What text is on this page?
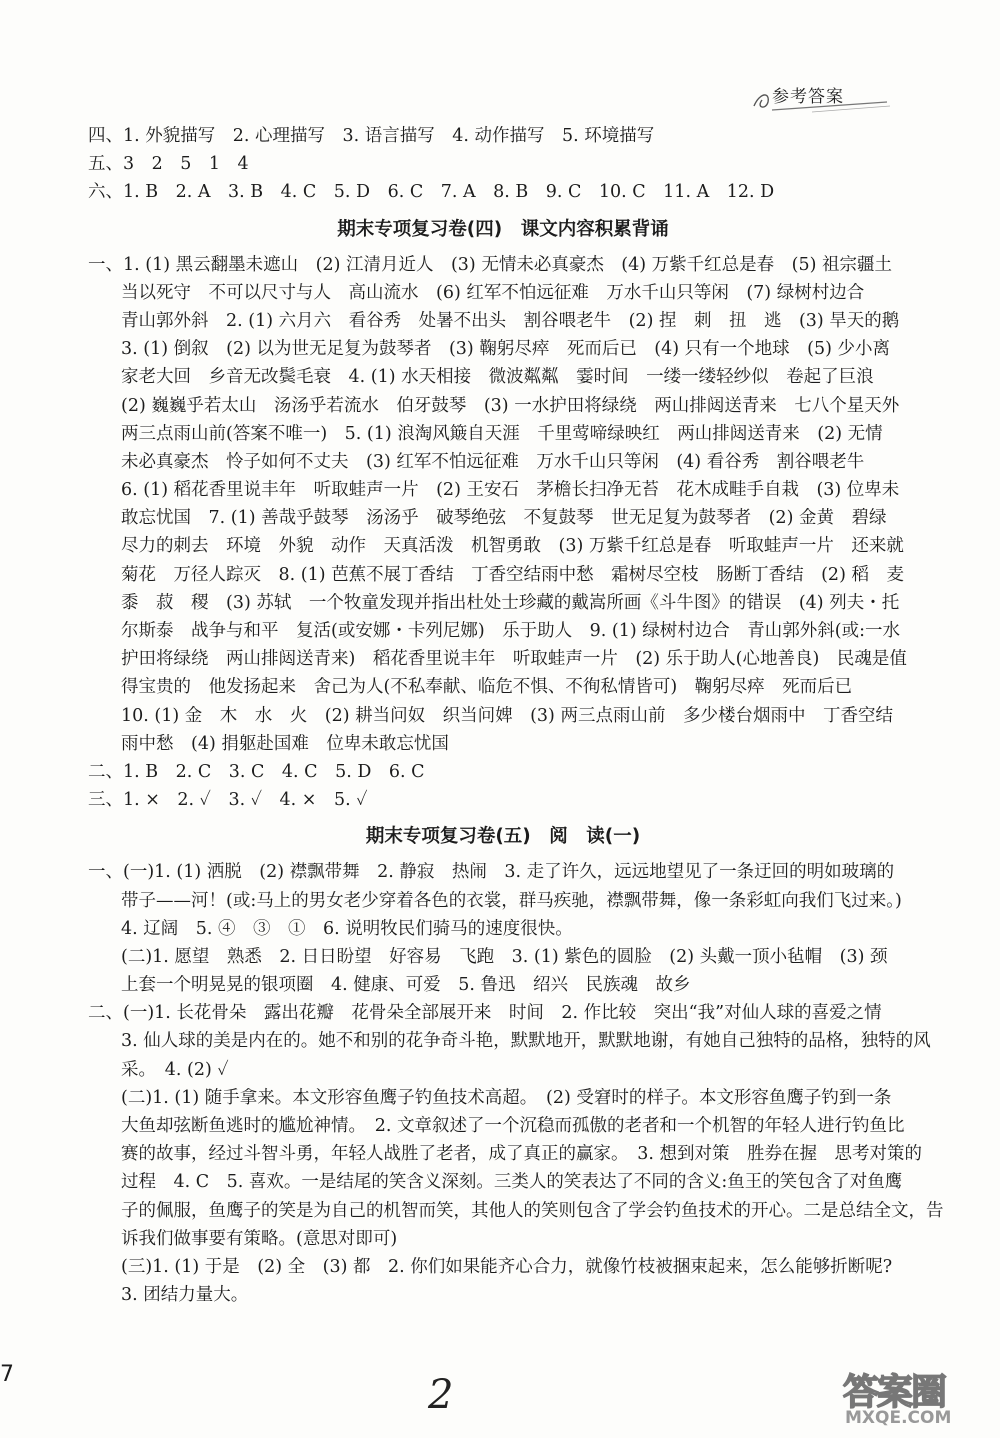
参考答案
四、1. 外貌描写　2. 心理描写　3. 语言描写　4. 动作描写　5. 环境描写
五、3　2　5　1　4
六、1. B　2. A　3. B　4. C　5. D　6. C　7. A　8. B　9. C　10. C　11. A　12. D
期末专项复习卷(四)　课文内容积累背诵
一、1. (1) 黑云翻墨未遮山　(2) 江清月近人　(3) 无情未必真豪杰　(4) 万紫千红总是春　(5) 祖宗疆土
当以死守　不可以尺寸与人　高山流水　(6) 红军不怕远征难　万水千山只等闲　(7) 绿树村边合
青山郭外斜　2. (1) 六月六　看谷秀　处暑不出头　割谷喂老牛　(2) 捏　刺　扭　逃　(3) 旱天的鹅
3. (1) 倒叙　(2) 以为世无足复为鼓琴者　(3) 鞠躬尽瘁　死而后已　(4) 只有一个地球　(5) 少小离
家老大回　乡音无改鬓毛衰　4. (1) 水天相接　微波粼粼　霎时间　一缕一缕轻纱似　卷起了巨浪
(2) 巍巍乎若太山　汤汤乎若流水　伯牙鼓琴　(3) 一水护田将绿绕　两山排闼送青来　七八个星天外
两三点雨山前(答案不唯一)　5. (1) 浪淘风簸自天涯　千里莺啼绿映红　两山排闼送青来　(2) 无情
未必真豪杰　怜子如何不丈夫　(3) 红军不怕远征难　万水千山只等闲　(4) 看谷秀　割谷喂老牛
6. (1) 稻花香里说丰年　听取蛙声一片　(2) 王安石　茅檐长扫净无苔　花木成畦手自栽　(3) 位卑未
敢忘忧国　7. (1) 善哉乎鼓琴　汤汤乎　破琴绝弦　不复鼓琴　世无足复为鼓琴者　(2) 金黄　碧绿
尽力的刺去　环境　外貌　动作　天真活泼　机智勇敢　(3) 万紫千红总是春　听取蛙声一片　还来就
菊花　万径人踪灭　8. (1) 芭蕉不展丁香结　丁香空结雨中愁　霜树尽空枝　肠断丁香结　(2) 稻　麦
黍　菽　稷　(3) 苏轼　一个牧童发现并指出杜处士珍藏的戴嵩所画《斗牛图》的错误　(4) 列夫・托
尔斯泰　战争与和平　复活(或安娜・卡列尼娜)　乐于助人　9. (1) 绿树村边合　青山郭外斜(或:一水
护田将绿绕　两山排闼送青来)　稻花香里说丰年　听取蛙声一片　(2) 乐于助人(心地善良)　民魂是值
得宝贵的　他发扬起来　舍己为人(不私奉献、临危不惧、不徇私情皆可)　鞠躬尽瘁　死而后已
10. (1) 金　木　水　火　(2) 耕当问奴　织当问婢　(3) 两三点雨山前　多少楼台烟雨中　丁香空结
雨中愁　(4) 捐躯赴国难　位卑未敢忘忧国
二、1. B　2. C　3. C　4. C　5. D　6. C
三、1. ×　2. ✓　3. ✓　4. ×　5. ✓
期末专项复习卷(五)　阅　读(一)
一、(一)1. (1) 洒脱　(2) 襟飘带舞　2. 静寂　热闹　3. 走了许久，远远地望见了一条迂回的明如玻璃的
带子——河！(或:马上的男女老少穿着各色的衣裳，群马疾驰，襟飘带舞，像一条彩虹向我们飞过来。)
4. 辽阔　5. ④　③　①　6. 说明牧民们骑马的速度很快。
(二)1. 愿望　熟悉　2. 日日盼望　好容易　飞跑　3. (1) 紫色的圆脸　(2) 头戴一顶小毡帽　(3) 颈
上套一个明晃晃的银项圈　4. 健康、可爱　5. 鲁迅　绍兴　民族魂　故乡
二、(一)1. 长花骨朵　露出花瓣　花骨朵全部展开来　时间　2. 作比较　突出“我”对仙人球的喜爱之情
3. 仙人球的美是内在的。她不和别的花争奇斗艳，默默地开，默默地谢，有她自己独特的品格，独特的风
采。　4. (2) ✓
(二)1. (1) 随手拿来。本文形容鱼鹰子钓鱼技术高超。　(2) 受窘时的样子。本文形容鱼鹰子钓到一条
大鱼却弦断鱼逃时的尴尬神情。　2. 文章叙述了一个沉稳而孤傲的老者和一个机智的年轻人进行钓鱼比
赛的故事，经过斗智斗勇，年轻人战胜了老者，成了真正的赢家。　3. 想到对策　胜券在握　思考对策的
过程　4. C　5. 喜欢。一是结尾的笑含义深刻。三类人的笑表达了不同的含义:鱼王的笑包含了对鱼鹰
子的佩服，鱼鹰子的笑是为自己的机智而笑，其他人的笑则包含了学会钓鱼技术的开心。二是总结全文，告
诉我们做事要有策略。(意思对即可)
(三)1. (1) 于是　(2) 全　(3) 都　2. 你们如果能齐心合力，就像竹枝被捆束起来，怎么能够折断呢?
3. 团结力量大。
7	2	答案圈
MXQE.COM
